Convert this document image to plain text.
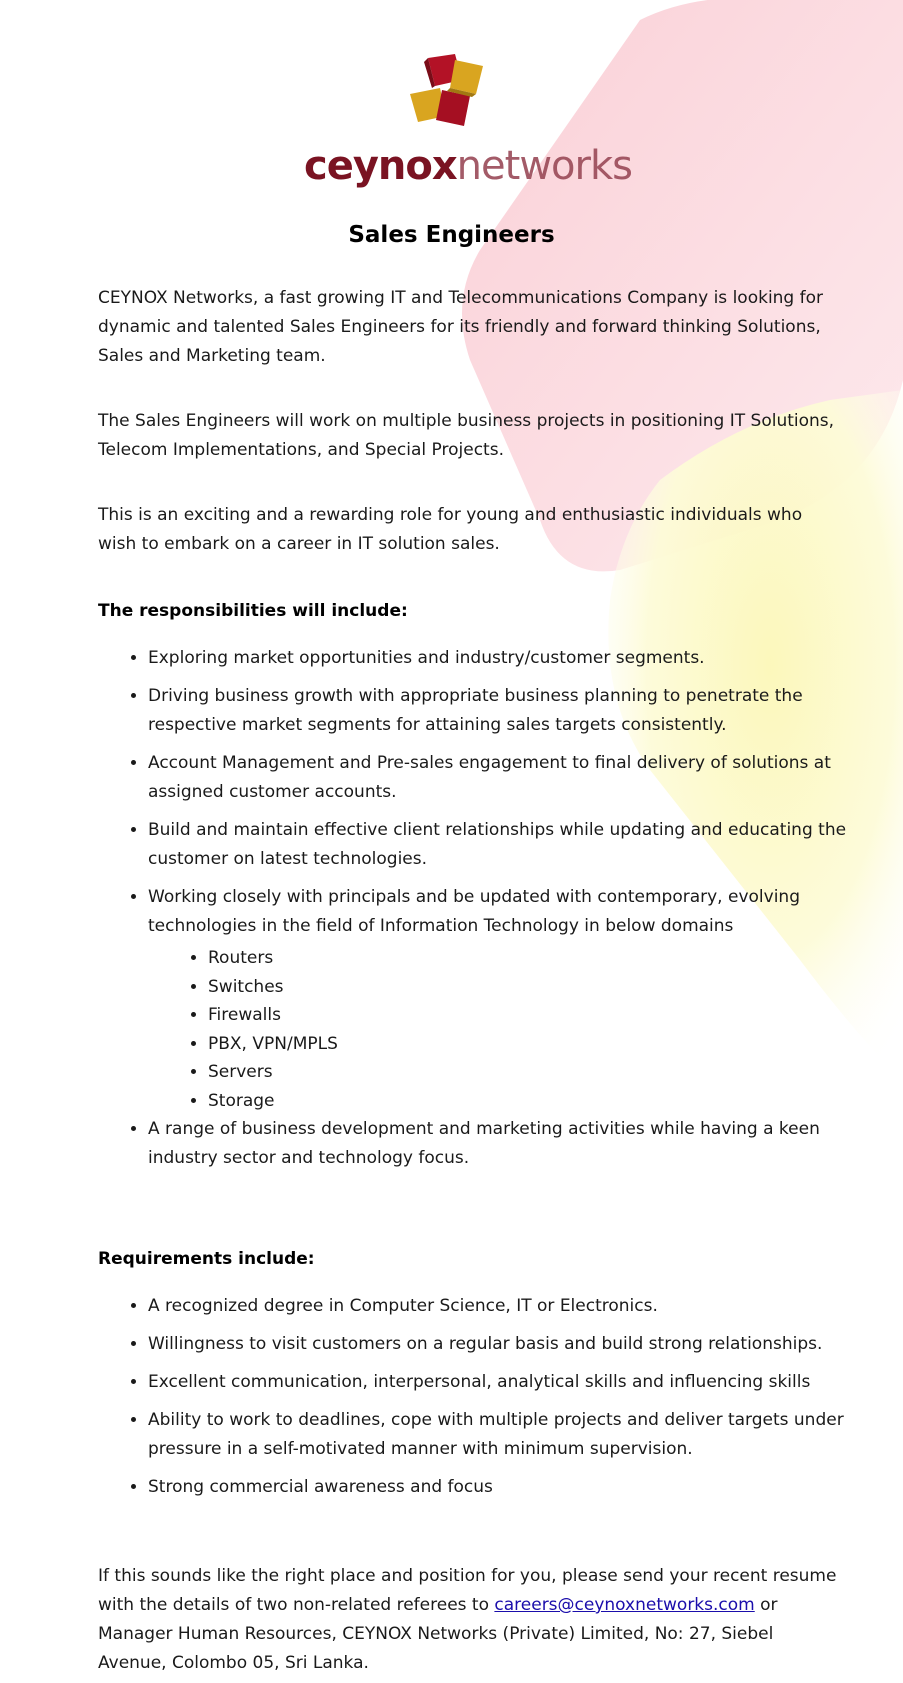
ceynoxnetworks
Sales Engineers

CEYNOX Networks, a fast growing IT and Telecommunications Company is looking for dynamic and talented Sales Engineers for its friendly and forward thinking Solutions, Sales and Marketing team.

The Sales Engineers will work on multiple business projects in positioning IT Solutions, Telecom Implementations, and Special Projects.

This is an exciting and a rewarding role for young and enthusiastic individuals who wish to embark on a career in IT solution sales.

The responsibilities will include:
• Exploring market opportunities and industry/customer segments.
• Driving business growth with appropriate business planning to penetrate the respective market segments for attaining sales targets consistently.
• Account Management and Pre-sales engagement to final delivery of solutions at assigned customer accounts.
• Build and maintain effective client relationships while updating and educating the customer on latest technologies.
• Working closely with principals and be updated with contemporary, evolving technologies in the field of Information Technology in below domains
• Routers
• Switches
• Firewalls
• PBX, VPN/MPLS
• Servers
• Storage
• A range of business development and marketing activities while having a keen industry sector and technology focus.
Requirements include:
• A recognized degree in Computer Science, IT or Electronics.
• Willingness to visit customers on a regular basis and build strong relationships.
• Excellent communication, interpersonal, analytical skills and influencing skills
• Ability to work to deadlines, cope with multiple projects and deliver targets under pressure in a self-motivated manner with minimum supervision.
• Strong commercial awareness and focus

If this sounds like the right place and position for you, please send your recent resume with the details of two non-related referees to careers@ceynoxnetworks.com or Manager Human Resources, CEYNOX Networks (Private) Limited, No: 27, Siebel Avenue, Colombo 05, Sri Lanka.
